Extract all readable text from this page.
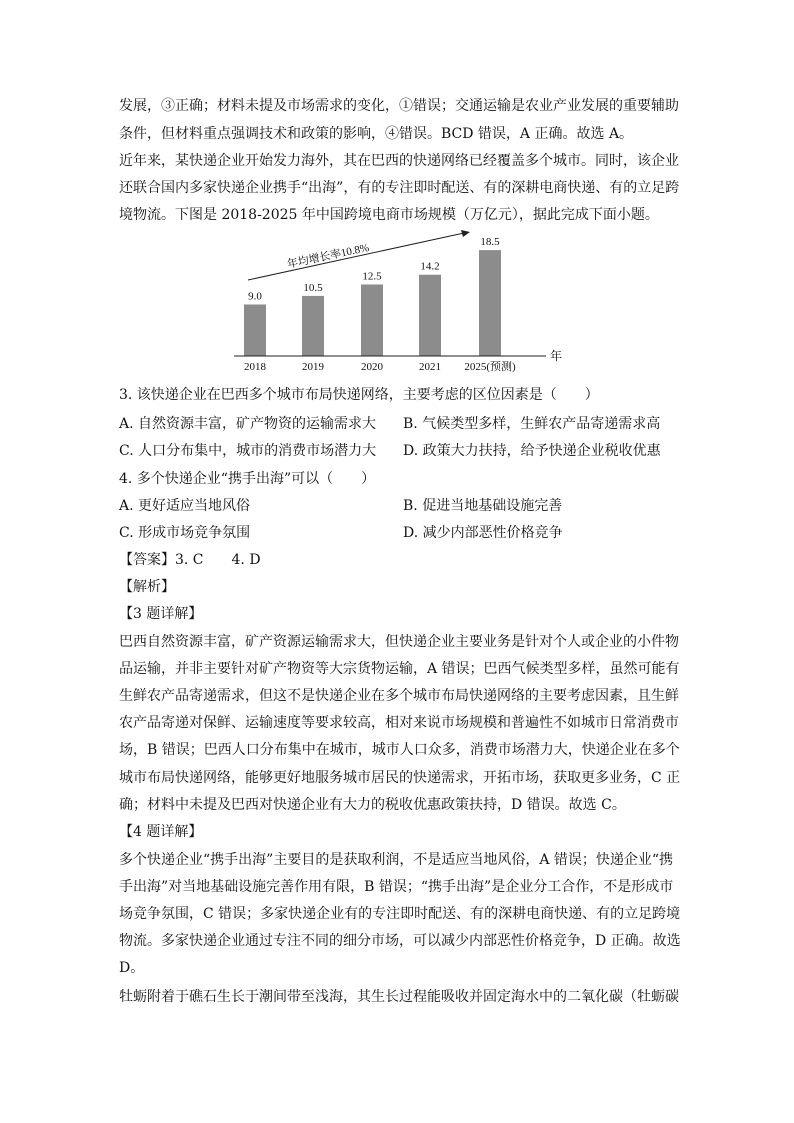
发展，③正确；材料未提及市场需求的变化，①错误；交通运输是农业产业发展的重要辅助
条件，但材料重点强调技术和政策的影响，④错误。BCD 错误，A 正确。故选 A。
近年来，某快递企业开始发力海外，其在巴西的快递网络已经覆盖多个城市。同时，该企业
还联合国内多家快递企业携手“出海”，有的专注即时配送、有的深耕电商快递、有的立足跨
境物流。下图是 2018-2025 年中国跨境电商市场规模（万亿元），据此完成下面小题。
9.0
2018
10.5
2019
12.5
2020
14.2
2021
18.5
2025(预测)
年
年均增长率10.8%
3. 该快递企业在巴西多个城市布局快递网络，主要考虑的区位因素是（　　）
A. 自然资源丰富，矿产物资的运输需求大 B. 气候类型多样，生鲜农产品寄递需求高
C. 人口分布集中，城市的消费市场潜力大 D. 政策大力扶持，给予快递企业税收优惠
4. 多个快递企业“携手出海”可以（　　）
A. 更好适应当地风俗	B. 促进当地基础设施完善
C. 形成市场竞争氛围	D. 减少内部恶性价格竞争
【答案】3. C　　4. D
【解析】
【3 题详解】
巴西自然资源丰富，矿产资源运输需求大，但快递企业主要业务是针对个人或企业的小件物
品运输，并非主要针对矿产物资等大宗货物运输，A 错误；巴西气候类型多样，虽然可能有
生鲜农产品寄递需求，但这不是快递企业在多个城市布局快递网络的主要考虑因素，且生鲜
农产品寄递对保鲜、运输速度等要求较高，相对来说市场规模和普遍性不如城市日常消费市
场，B 错误；巴西人口分布集中在城市，城市人口众多，消费市场潜力大，快递企业在多个
城市布局快递网络，能够更好地服务城市居民的快递需求，开拓市场，获取更多业务，C 正
确；材料中未提及巴西对快递企业有大力的税收优惠政策扶持，D 错误。故选 C。
【4 题详解】
多个快递企业“携手出海”主要目的是获取利润，不是适应当地风俗，A 错误；快递企业“携
手出海”对当地基础设施完善作用有限，B 错误；“携手出海”是企业分工合作，不是形成市
场竞争氛围，C 错误；多家快递企业有的专注即时配送、有的深耕电商快递、有的立足跨境
物流。多家快递企业通过专注不同的细分市场，可以减少内部恶性价格竞争，D 正确。故选
D。
牡蛎附着于礁石生长于潮间带至浅海，其生长过程能吸收并固定海水中的二氧化碳（牡蛎碳
